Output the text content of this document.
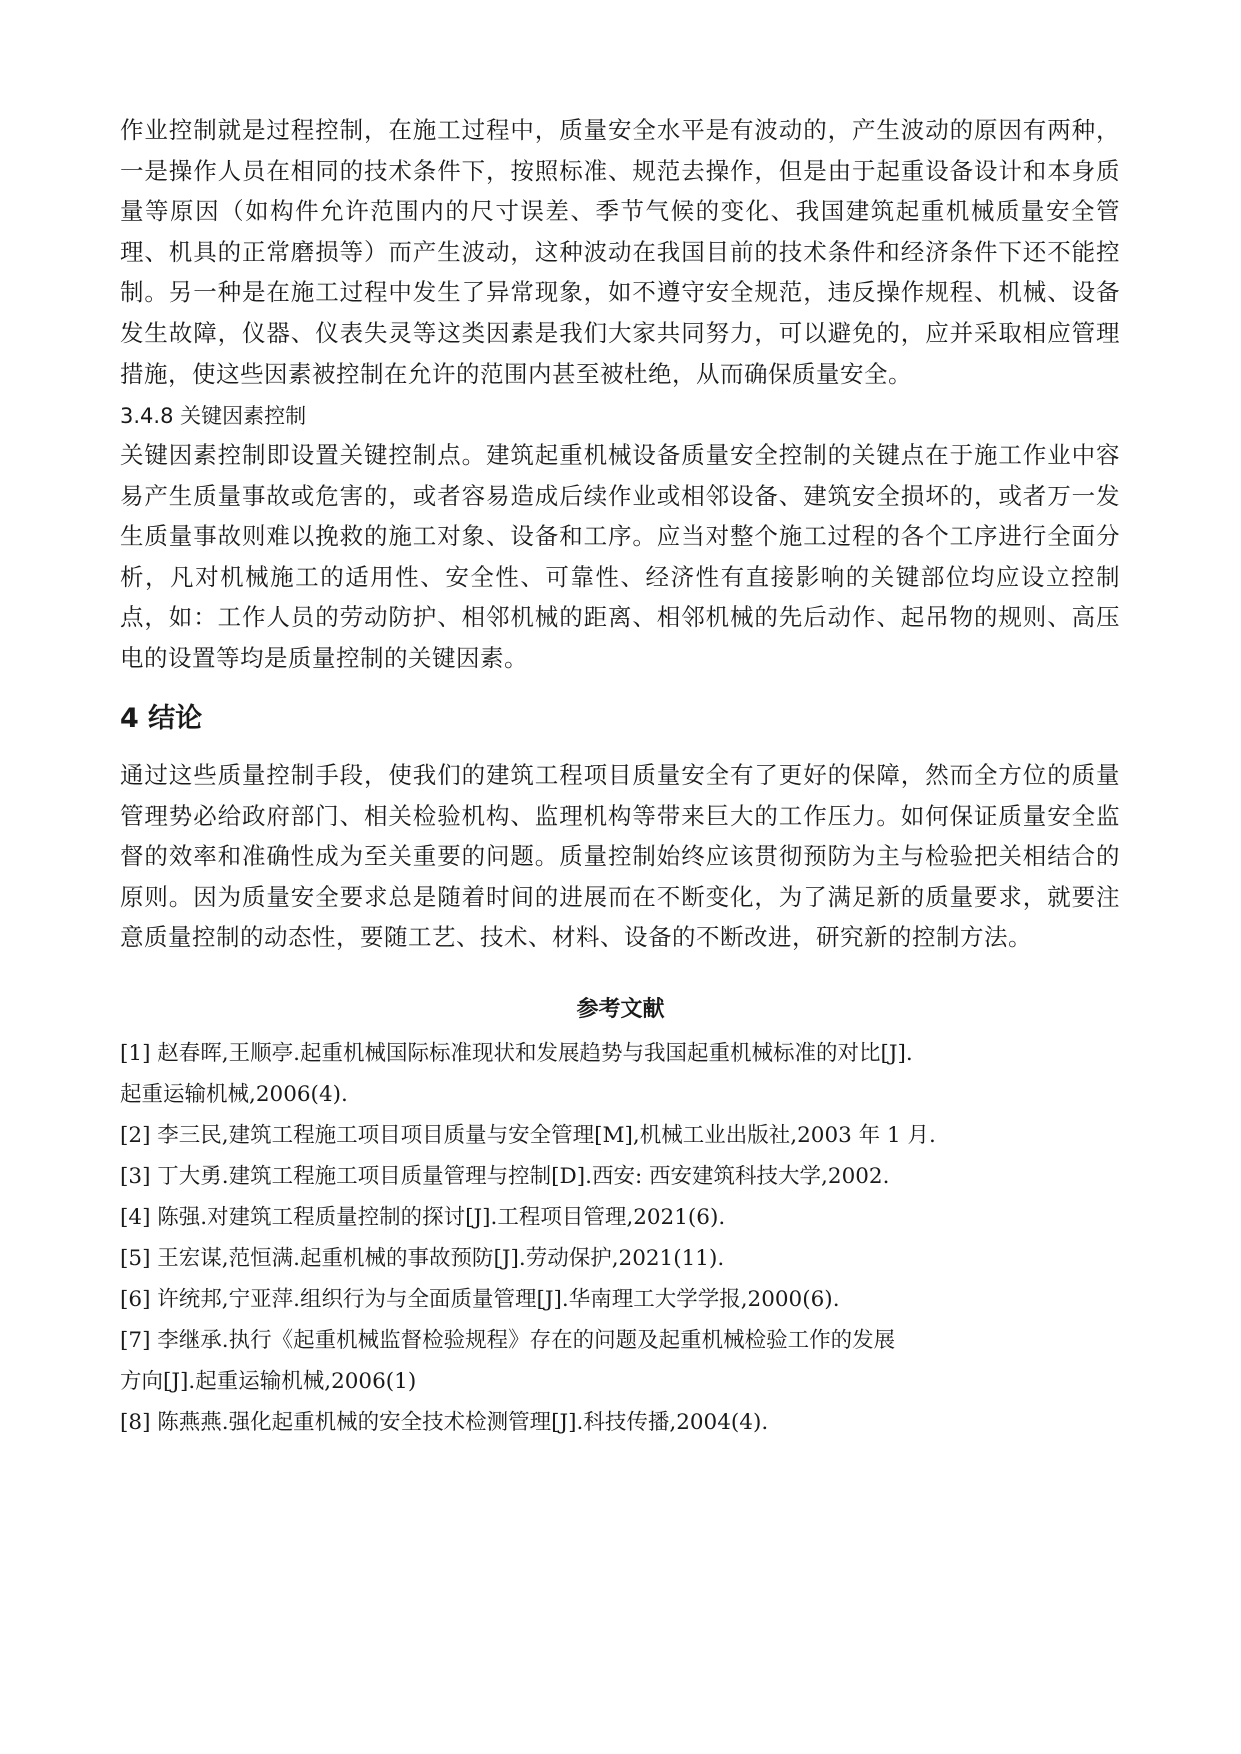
作业控制就是过程控制，在施工过程中，质量安全水平是有波动的，产生波动的原因有两种，一是操作人员在相同的技术条件下，按照标准、规范去操作，但是由于起重设备设计和本身质量等原因（如构件允许范围内的尺寸误差、季节气候的变化、我国建筑起重机械质量安全管理、机具的正常磨损等）而产生波动，这种波动在我国目前的技术条件和经济条件下还不能控制。另一种是在施工过程中发生了异常现象，如不遵守安全规范，违反操作规程、机械、设备发生故障，仪器、仪表失灵等这类因素是我们大家共同努力，可以避免的，应并采取相应管理措施，使这些因素被控制在允许的范围内甚至被杜绝，从而确保质量安全。

3.4.8 关键因素控制

关键因素控制即设置关键控制点。建筑起重机械设备质量安全控制的关键点在于施工作业中容易产生质量事故或危害的，或者容易造成后续作业或相邻设备、建筑安全损坏的，或者万一发生质量事故则难以挽救的施工对象、设备和工序。应当对整个施工过程的各个工序进行全面分析，凡对机械施工的适用性、安全性、可靠性、经济性有直接影响的关键部位均应设立控制点，如：工作人员的劳动防护、相邻机械的距离、相邻机械的先后动作、起吊物的规则、高压电的设置等均是质量控制的关键因素。

4 结论

通过这些质量控制手段，使我们的建筑工程项目质量安全有了更好的保障，然而全方位的质量管理势必给政府部门、相关检验机构、监理机构等带来巨大的工作压力。如何保证质量安全监督的效率和准确性成为至关重要的问题。质量控制始终应该贯彻预防为主与检验把关相结合的原则。因为质量安全要求总是随着时间的进展而在不断变化，为了满足新的质量要求，就要注意质量控制的动态性，要随工艺、技术、材料、设备的不断改进，研究新的控制方法。

参考文献

[1] 赵春晖,王顺亭.起重机械国际标准现状和发展趋势与我国起重机械标准的对比[J].

起重运输机械,2006(4).

[2] 李三民,建筑工程施工项目项目质量与安全管理[M],机械工业出版社,2003 年 1 月.

[3] 丁大勇.建筑工程施工项目质量管理与控制[D].西安: 西安建筑科技大学,2002.

[4] 陈强.对建筑工程质量控制的探讨[J].工程项目管理,2021(6).

[5] 王宏谋,范恒满.起重机械的事故预防[J].劳动保护,2021(11).

[6] 许统邦,宁亚萍.组织行为与全面质量管理[J].华南理工大学学报,2000(6).

[7] 李继承.执行《起重机械监督检验规程》存在的问题及起重机械检验工作的发展

方向[J].起重运输机械,2006(1)

[8] 陈燕燕.强化起重机械的安全技术检测管理[J].科技传播,2004(4).
